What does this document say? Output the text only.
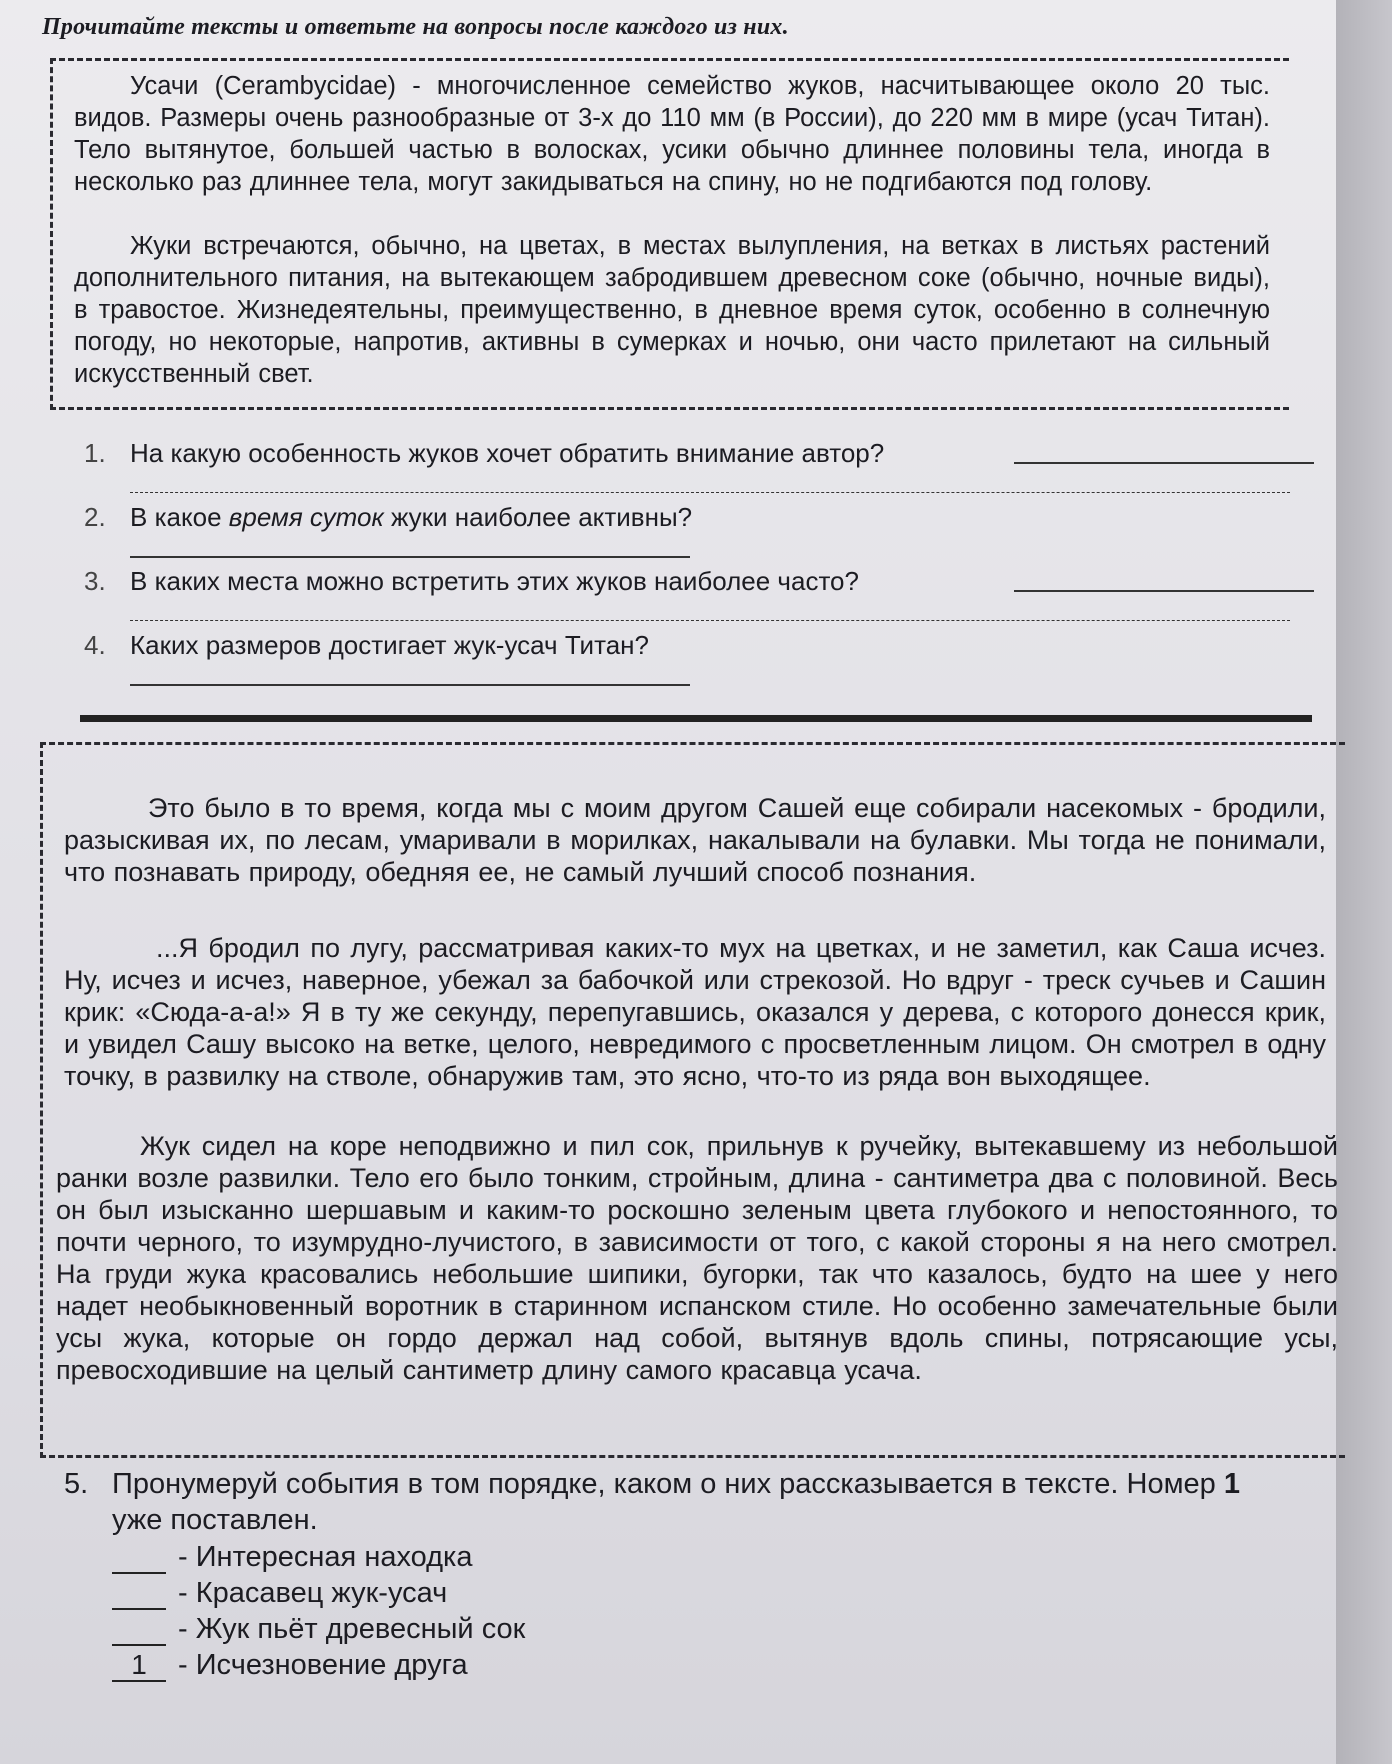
Прочитайте тексты и ответьте на вопросы после каждого из них.
Усачи (Cerambycidae) - многочисленное семейство жуков, насчитывающее около 20 тыс. видов. Размеры очень разнообразные от 3-х до 110 мм (в России), до 220 мм в мире (усач Титан). Тело вытянутое, большей частью в волосках, усики обычно длиннее половины тела, иногда в несколько раз длиннее тела, могут закидываться на спину, но не подгибаются под голову.
Жуки встречаются, обычно, на цветах, в местах вылупления, на ветках в листьях растений дополнительного питания, на вытекающем забродившем древесном соке (обычно, ночные виды), в травостое. Жизнедеятельны, преимущественно, в дневное время суток, особенно в солнечную погоду, но некоторые, напротив, активны в сумерках и ночью, они часто прилетают на сильный искусственный свет.
1. На какую особенность жуков хочет обратить внимание автор?
2. В какое время суток жуки наиболее активны?
3. В каких места можно встретить этих жуков наиболее часто?
4. Каких размеров достигает жук-усач Титан?
Это было в то время, когда мы с моим другом Сашей еще собирали насекомых - бродили, разыскивая их, по лесам, умаривали в морилках, накалывали на булавки. Мы тогда не понимали, что познавать природу, обедняя ее, не самый лучший способ познания.
...Я бродил по лугу, рассматривая каких-то мух на цветках, и не заметил, как Саша исчез. Ну, исчез и исчез, наверное, убежал за бабочкой или стрекозой. Но вдруг - треск сучьев и Сашин крик: «Сюда-а-а!» Я в ту же секунду, перепугавшись, оказался у дерева, с которого донесся крик, и увидел Сашу высоко на ветке, целого, невредимого с просветленным лицом. Он смотрел в одну точку, в развилку на стволе, обнаружив там, это ясно, что-то из ряда вон выходящее.
Жук сидел на коре неподвижно и пил сок, прильнув к ручейку, вытекавшему из небольшой ранки возле развилки. Тело его было тонким, стройным, длина - сантиметра два с половиной. Весь он был изысканно шершавым и каким-то роскошно зеленым цвета глубокого и непостоянного, то почти черного, то изумрудно-лучистого, в зависимости от того, с какой стороны я на него смотрел. На груди жука красовались небольшие шипики, бугорки, так что казалось, будто на шее у него надет необыкновенный воротник в старинном испанском стиле. Но особенно замечательные были усы жука, которые он гордо держал над собой, вытянув вдоль спины, потрясающие усы, превосходившие на целый сантиметр длину самого красавца усача.
5. Пронумеруй события в том порядке, каком о них рассказывается в тексте. Номер 1
уже поставлен.
- Интересная находка
- Красавец жук-усач
- Жук пьёт древесный сок
1	- Исчезновение друга
